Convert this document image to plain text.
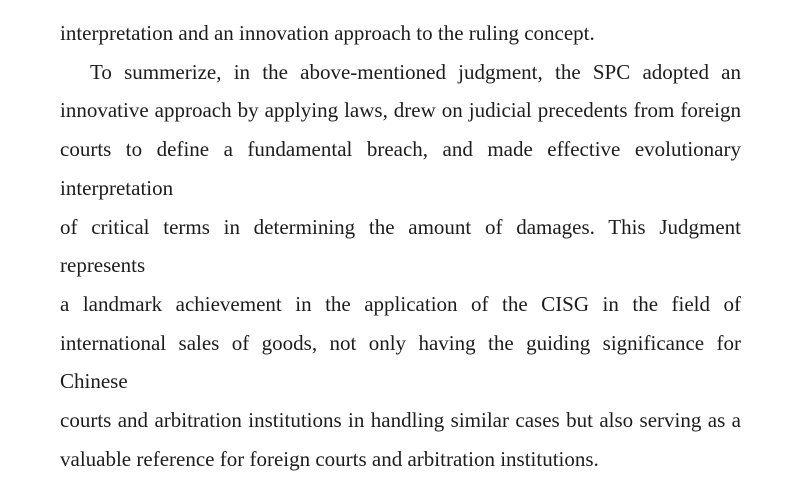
interpretation and an innovation approach to the ruling concept.
To summerize, in the above-mentioned judgment, the SPC adopted an
innovative approach by applying laws, drew on judicial precedents from foreign
courts to define a fundamental breach, and made effective evolutionary interpretation
of critical terms in determining the amount of damages. This Judgment represents
a landmark achievement in the application of the CISG in the field of
international sales of goods, not only having the guiding significance for Chinese
courts and arbitration institutions in handling similar cases but also serving as a
valuable reference for foreign courts and arbitration institutions.
